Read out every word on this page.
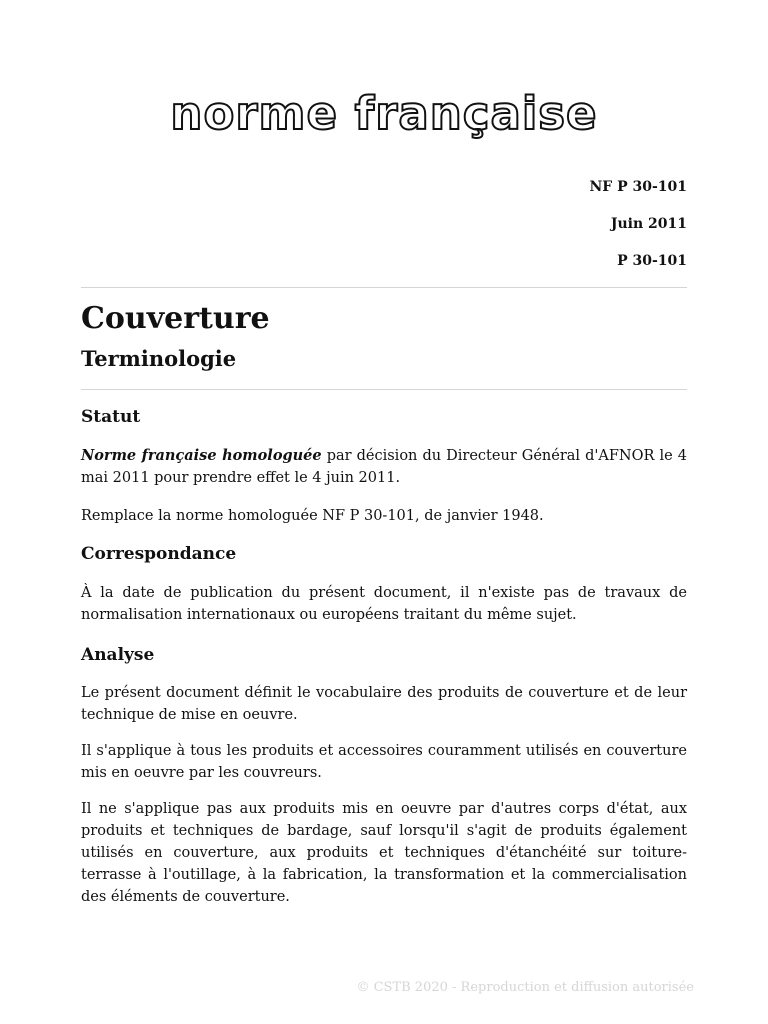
norme française
NF P 30-101
Juin 2011
P 30-101
Couverture
Terminologie
Statut

Norme française homologuée par décision du Directeur Général d'AFNOR le 4 mai 2011 pour prendre effet le 4 juin 2011.

Remplace la norme homologuée NF P 30-101, de janvier 1948.

Correspondance

À la date de publication du présent document, il n'existe pas de travaux de normalisation internationaux ou européens traitant du même sujet.

Analyse

Le présent document définit le vocabulaire des produits de couverture et de leur technique de mise en oeuvre.

Il s'applique à tous les produits et accessoires couramment utilisés en couverture mis en oeuvre par les couvreurs.

Il ne s'applique pas aux produits mis en oeuvre par d'autres corps d'état, aux produits et techniques de bardage, sauf lorsqu'il s'agit de produits également utilisés en couverture, aux produits et techniques d'étanchéité sur toiture-terrasse à l'outillage, à la fabrication, la transformation et la commercialisation des éléments de couverture.

© CSTB 2020 - Reproduction et diffusion autorisée
